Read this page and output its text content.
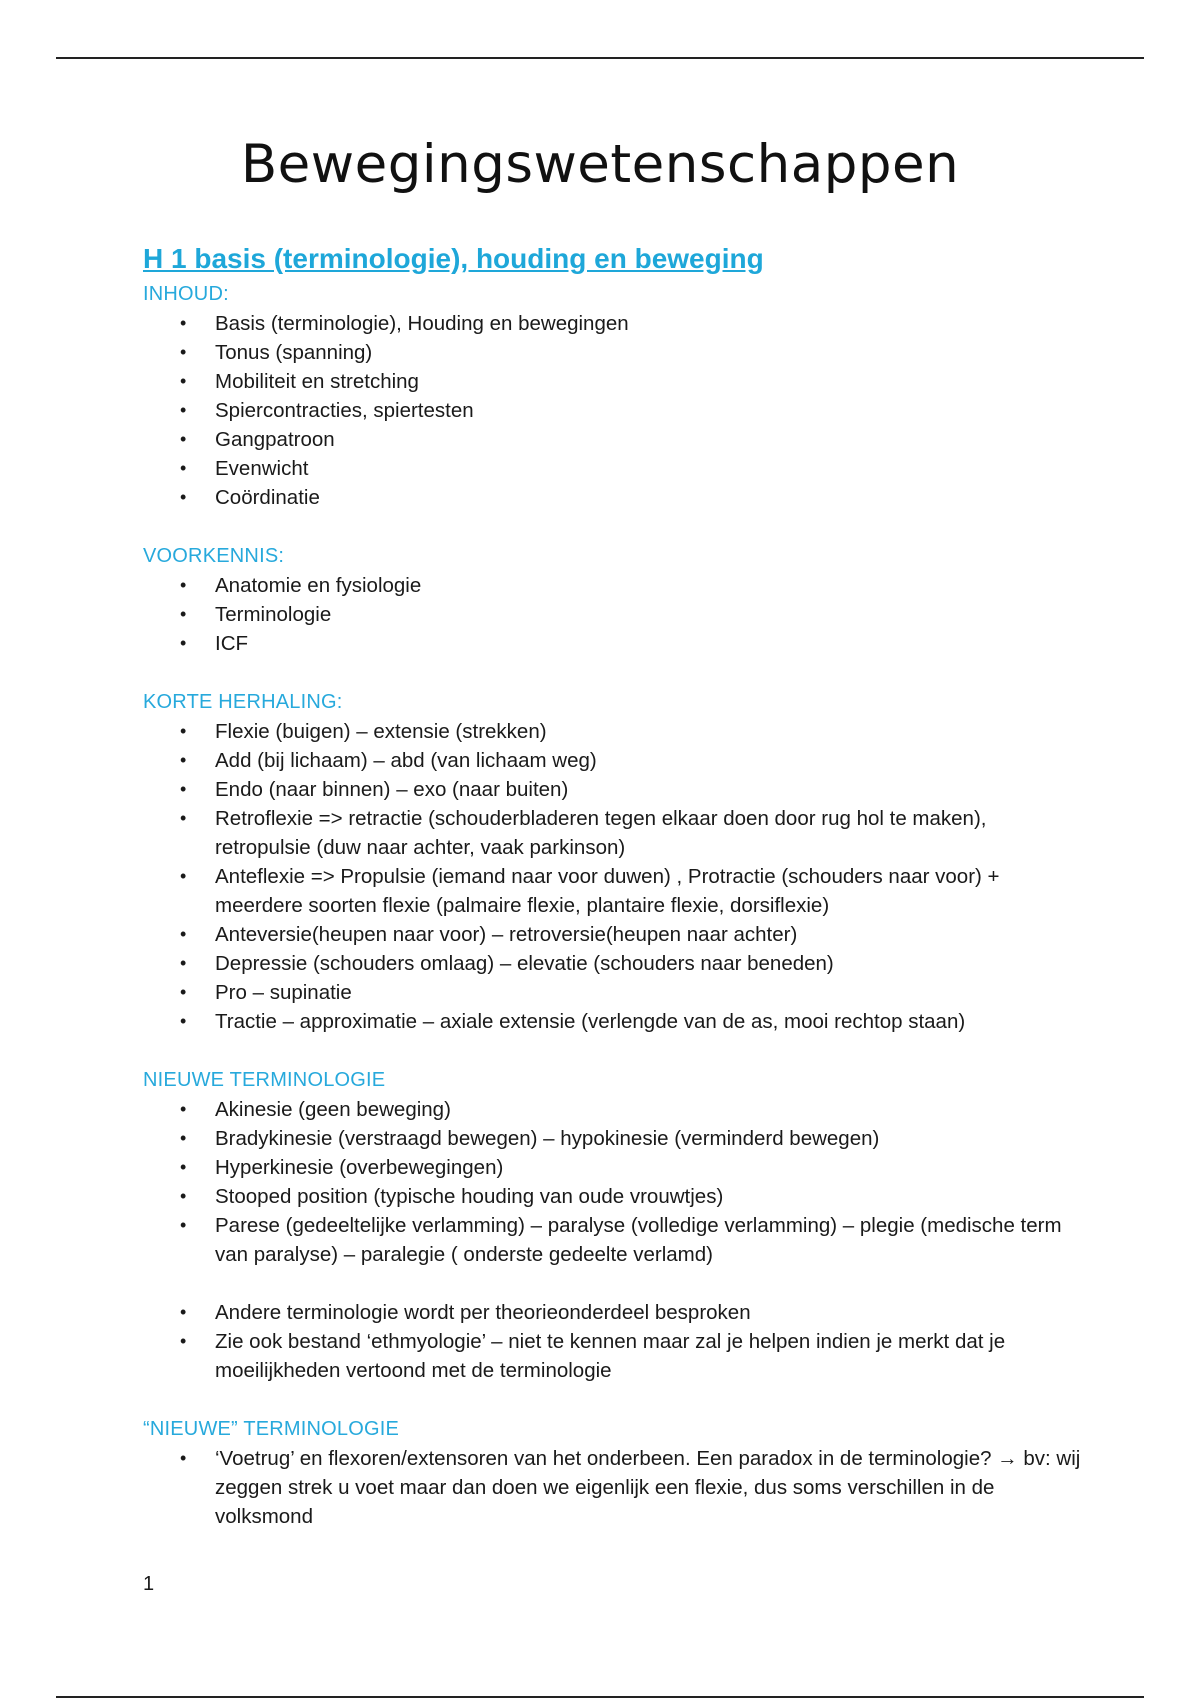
Bewegingswetenschappen
H 1 basis (terminologie), houding en beweging
INHOUD:
• Basis (terminologie), Houding en bewegingen
• Tonus (spanning)
• Mobiliteit en stretching
• Spiercontracties, spiertesten
• Gangpatroon
• Evenwicht
• Coördinatie
VOORKENNIS:
• Anatomie en fysiologie
• Terminologie
• ICF
KORTE HERHALING:
• Flexie (buigen) – extensie (strekken)
• Add (bij lichaam) – abd (van lichaam weg)
• Endo (naar binnen) – exo (naar buiten)
• Retroflexie => retractie (schouderbladeren tegen elkaar doen door rug hol te maken), retropulsie (duw naar achter, vaak parkinson)
• Anteflexie => Propulsie (iemand naar voor duwen) , Protractie (schouders naar voor) + meerdere soorten flexie (palmaire flexie, plantaire flexie, dorsiflexie)
• Anteversie(heupen naar voor) – retroversie(heupen naar achter)
• Depressie (schouders omlaag) – elevatie (schouders naar beneden)
• Pro – supinatie
• Tractie – approximatie – axiale extensie (verlengde van de as, mooi rechtop staan)
NIEUWE TERMINOLOGIE
• Akinesie (geen beweging)
• Bradykinesie (verstraagd bewegen) – hypokinesie (verminderd bewegen)
• Hyperkinesie (overbewegingen)
• Stooped position (typische houding van oude vrouwtjes)
• Parese (gedeeltelijke verlamming) – paralyse (volledige verlamming) – plegie (medische term van paralyse) – paralegie ( onderste gedeelte verlamd)
• Andere terminologie wordt per theorieonderdeel besproken
• Zie ook bestand ‘ethmyologie’ – niet te kennen maar zal je helpen indien je merkt dat je moeilijkheden vertoond met de terminologie
“NIEUWE” TERMINOLOGIE
• ‘Voetrug’ en flexoren/extensoren van het onderbeen. Een paradox in de terminologie? → bv: wij zeggen strek u voet maar dan doen we eigenlijk een flexie, dus soms verschillen in de volksmond
1
